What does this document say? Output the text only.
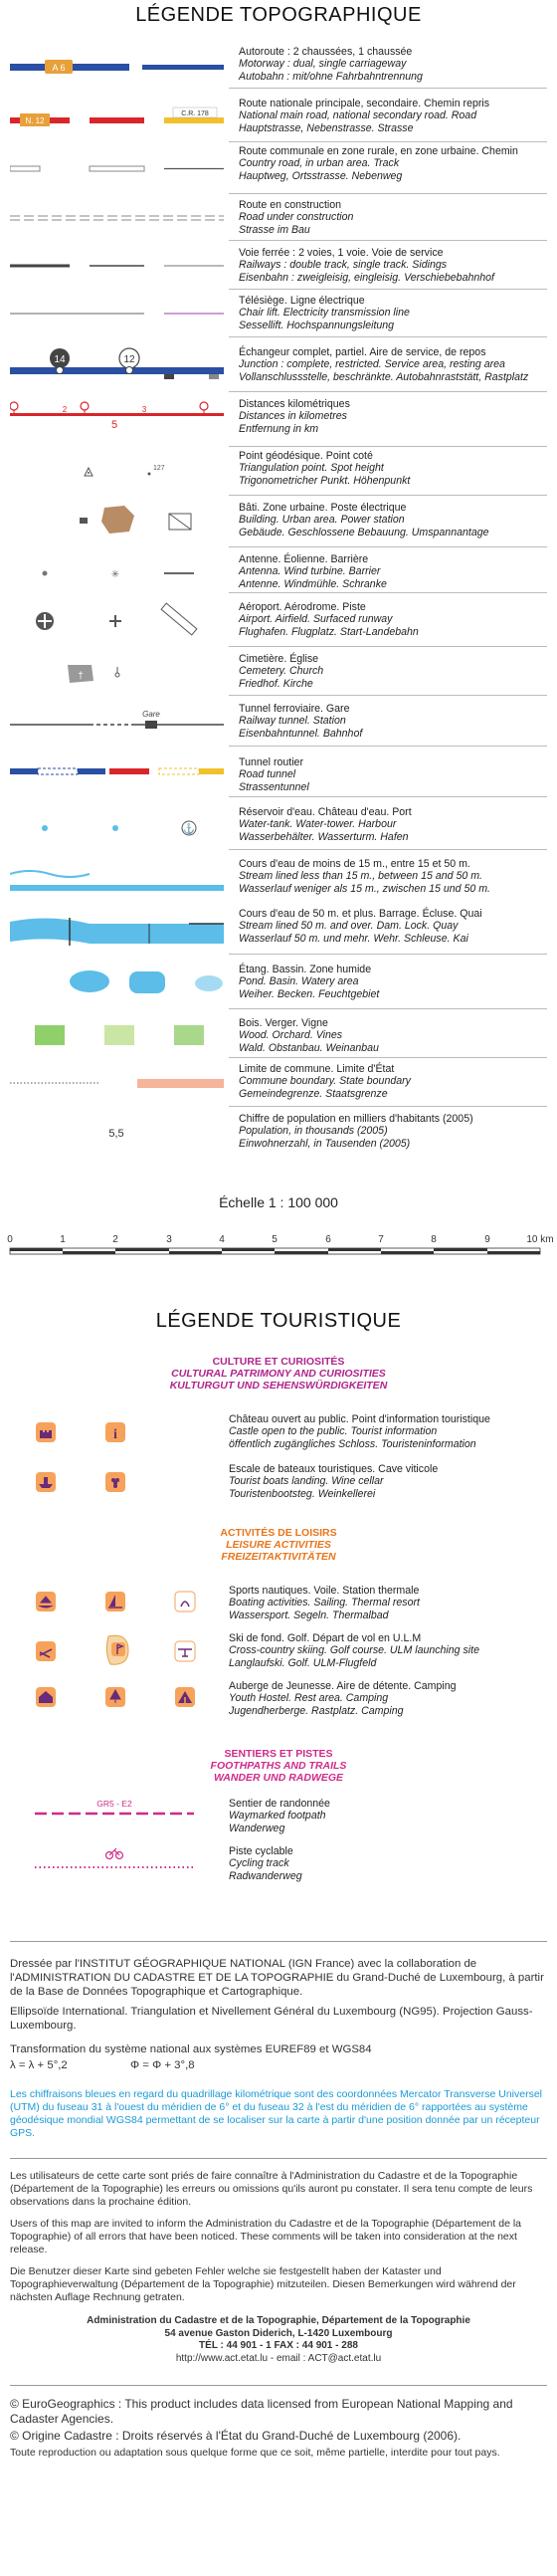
LÉGENDE TOPOGRAPHIQUE
A 6
Autoroute : 2 chaussées, 1 chaussée
Motorway : dual, single carriageway
Autobahn : mit/ohne Fahrbahntrennung
N. 12
C.R. 178
Route nationale principale, secondaire. Chemin repris
National main road, national secondary road. Road
Hauptstrasse, Nebenstrasse. Strasse
Route communale en zone rurale, en zone urbaine. Chemin
Country road, in urban area. Track
Hauptweg, Ortsstrasse. Nebenweg
Route en construction
Road under construction
Strasse im Bau
Voie ferrée : 2 voies, 1 voie. Voie de service
Railways : double track, single track. Sidings
Eisenbahn : zweigleisig, eingleisig. Verschiebebahnhof
Télésiège. Ligne électrique
Chair lift. Electricity transmission line
Sessellift. Hochspannungsleitung
14	12
Échangeur complet, partiel. Aire de service, de repos
Junction : complete, restricted. Service area, resting area
Vollanschlussstelle, beschränkte. Autobahnraststätt, Rastplatz
2	3
5
Distances kilométriques
Distances in kilometres
Entfernung in km
127
Point géodésique. Point coté
Triangulation point. Spot height
Trigonometricher Punkt. Höhenpunkt
Bâti. Zone urbaine. Poste électrique
Building. Urban area. Power station
Gebäude. Geschlossene Bebauung. Umspannantage
✳
Antenne. Éolienne. Barrière
Antenna. Wind turbine. Barrier
Antenne. Windmühle. Schranke
Aéroport. Aérodrome. Piste
Airport. Airfield. Surfaced runway
Flughafen. Flugplatz. Start-Landebahn
†
Cimetière. Église
Cemetery. Church
Friedhof. Kirche
Gare	Tunnel ferroviaire. Gare
Railway tunnel. Station
Eisenbahntunnel. Bahnhof
Tunnel routier
Road tunnel
Strassentunnel
⚓
Réservoir d'eau. Château d'eau. Port
Water-tank. Water-tower. Harbour
Wasserbehälter. Wasserturm. Hafen
Cours d'eau de moins de 15 m., entre 15 et 50 m.
Stream lined less than 15 m., between 15 and 50 m.
Wasserlauf weniger als 15 m., zwischen 15 und 50 m.
Cours d'eau de 50 m. et plus. Barrage. Écluse. Quai
Stream lined 50 m. and over. Dam. Lock. Quay
Wasserlauf 50 m. und mehr. Wehr. Schleuse. Kai
Étang. Bassin. Zone humide
Pond. Basin. Watery area
Weiher. Becken. Feuchtgebiet
Bois. Verger. Vigne
Wood. Orchard. Vines
Wald. Obstanbau. Weinanbau
Limite de commune. Limite d'État
Commune boundary. State boundary
Gemeindegrenze. Staatsgrenze
5,5
Chiffre de population en milliers d'habitants (2005)
Population, in thousands (2005)
Einwohnerzahl, in Tausenden (2005)
Échelle 1 : 100 000
0	1	2	3	4	5	6	7	8	9	10 km
LÉGENDE TOURISTIQUE
CULTURE ET CURIOSITÉS
CULTURAL PATRIMONY AND CURIOSITIES
KULTURGUT UND SEHENSWÜRDIGKEITEN
i
Château ouvert au public. Point d'information touristique
Castle open to the public. Tourist information
öffentlich zugängliches Schloss. Touristeninformation
Escale de bateaux touristiques. Cave viticole
Tourist boats landing. Wine cellar
Touristenbootsteg. Weinkellerei
ACTIVITÉS DE LOISIRS
LEISURE ACTIVITIES
FREIZEITAKTIVITÄTEN
Sports nautiques. Voile. Station thermale
Boating activities. Sailing. Thermal resort
Wassersport. Segeln. Thermalbad
Ski de fond. Golf. Départ de vol en U.L.M
Cross-country skiing. Golf course. ULM launching site
Langlaufski. Golf. ULM-Flugfeld
Auberge de Jeunesse. Aire de détente. Camping
Youth Hostel. Rest area. Camping
Jugendherberge. Rastplatz. Camping
SENTIERS ET PISTES
FOOTHPATHS AND TRAILS
WANDER UND RADWEGE
GR5 - E2	Sentier de randonnée
Waymarked footpath
Wanderweg
Piste cyclable
Cycling track
Radwanderweg
Dressée par l'INSTITUT GÉOGRAPHIQUE NATIONAL (IGN France) avec la collaboration de l'ADMINISTRATION DU CADASTRE ET DE LA TOPOGRAPHIE du Grand-Duché de Luxembourg, à partir de la Base de Données Topographique et Cartographique.
Ellipsoïde International. Triangulation et Nivellement Général du Luxembourg (NG95). Projection Gauss-Luxembourg.
Transformation du système national aux systèmes EUREF89 et WGS84
λ = λ + 5°,2                    Φ = Φ + 3°,8
Les chiffraisons bleues en regard du quadrillage kilométrique sont des coordonnées Mercator Transverse Universel (UTM) du fuseau 31 à l'ouest du méridien de 6° et du fuseau 32 à l'est du méridien de 6° rapportées au système géodésique mondial WGS84 permettant de se localiser sur la carte à partir d'une position donnée par un récepteur GPS.
Les utilisateurs de cette carte sont priés de faire connaître à l'Administration du Cadastre et de la Topographie (Département de la Topographie) les erreurs ou omissions qu'ils auront pu constater. Il sera tenu compte de leurs observations dans la prochaine édition.
Users of this map are invited to inform the Administration du Cadastre et de la Topographie (Département de la Topographie) of all errors that have been noticed. These comments will be taken into consideration at the next release.
Die Benutzer dieser Karte sind gebeten Fehler welche sie festgestellt haben der Kataster und Topographieverwaltung (Département de la Topographie) mitzuteilen. Diesen Bemerkungen wird während der nächsten Auflage Rechnung getraten.
Administration du Cadastre et de la Topographie, Département de la Topographie
54 avenue Gaston Diderich, L-1420 Luxembourg
TÉL : 44 901 - 1 FAX : 44 901 - 288
http://www.act.etat.lu - email : ACT@act.etat.lu
© EuroGeographics : This product includes data licensed from European National Mapping and Cadaster Agencies.
© Origine Cadastre : Droits réservés à l'État du Grand-Duché de Luxembourg (2006).
Toute reproduction ou adaptation sous quelque forme que ce soit, même partielle, interdite pour tout pays.
